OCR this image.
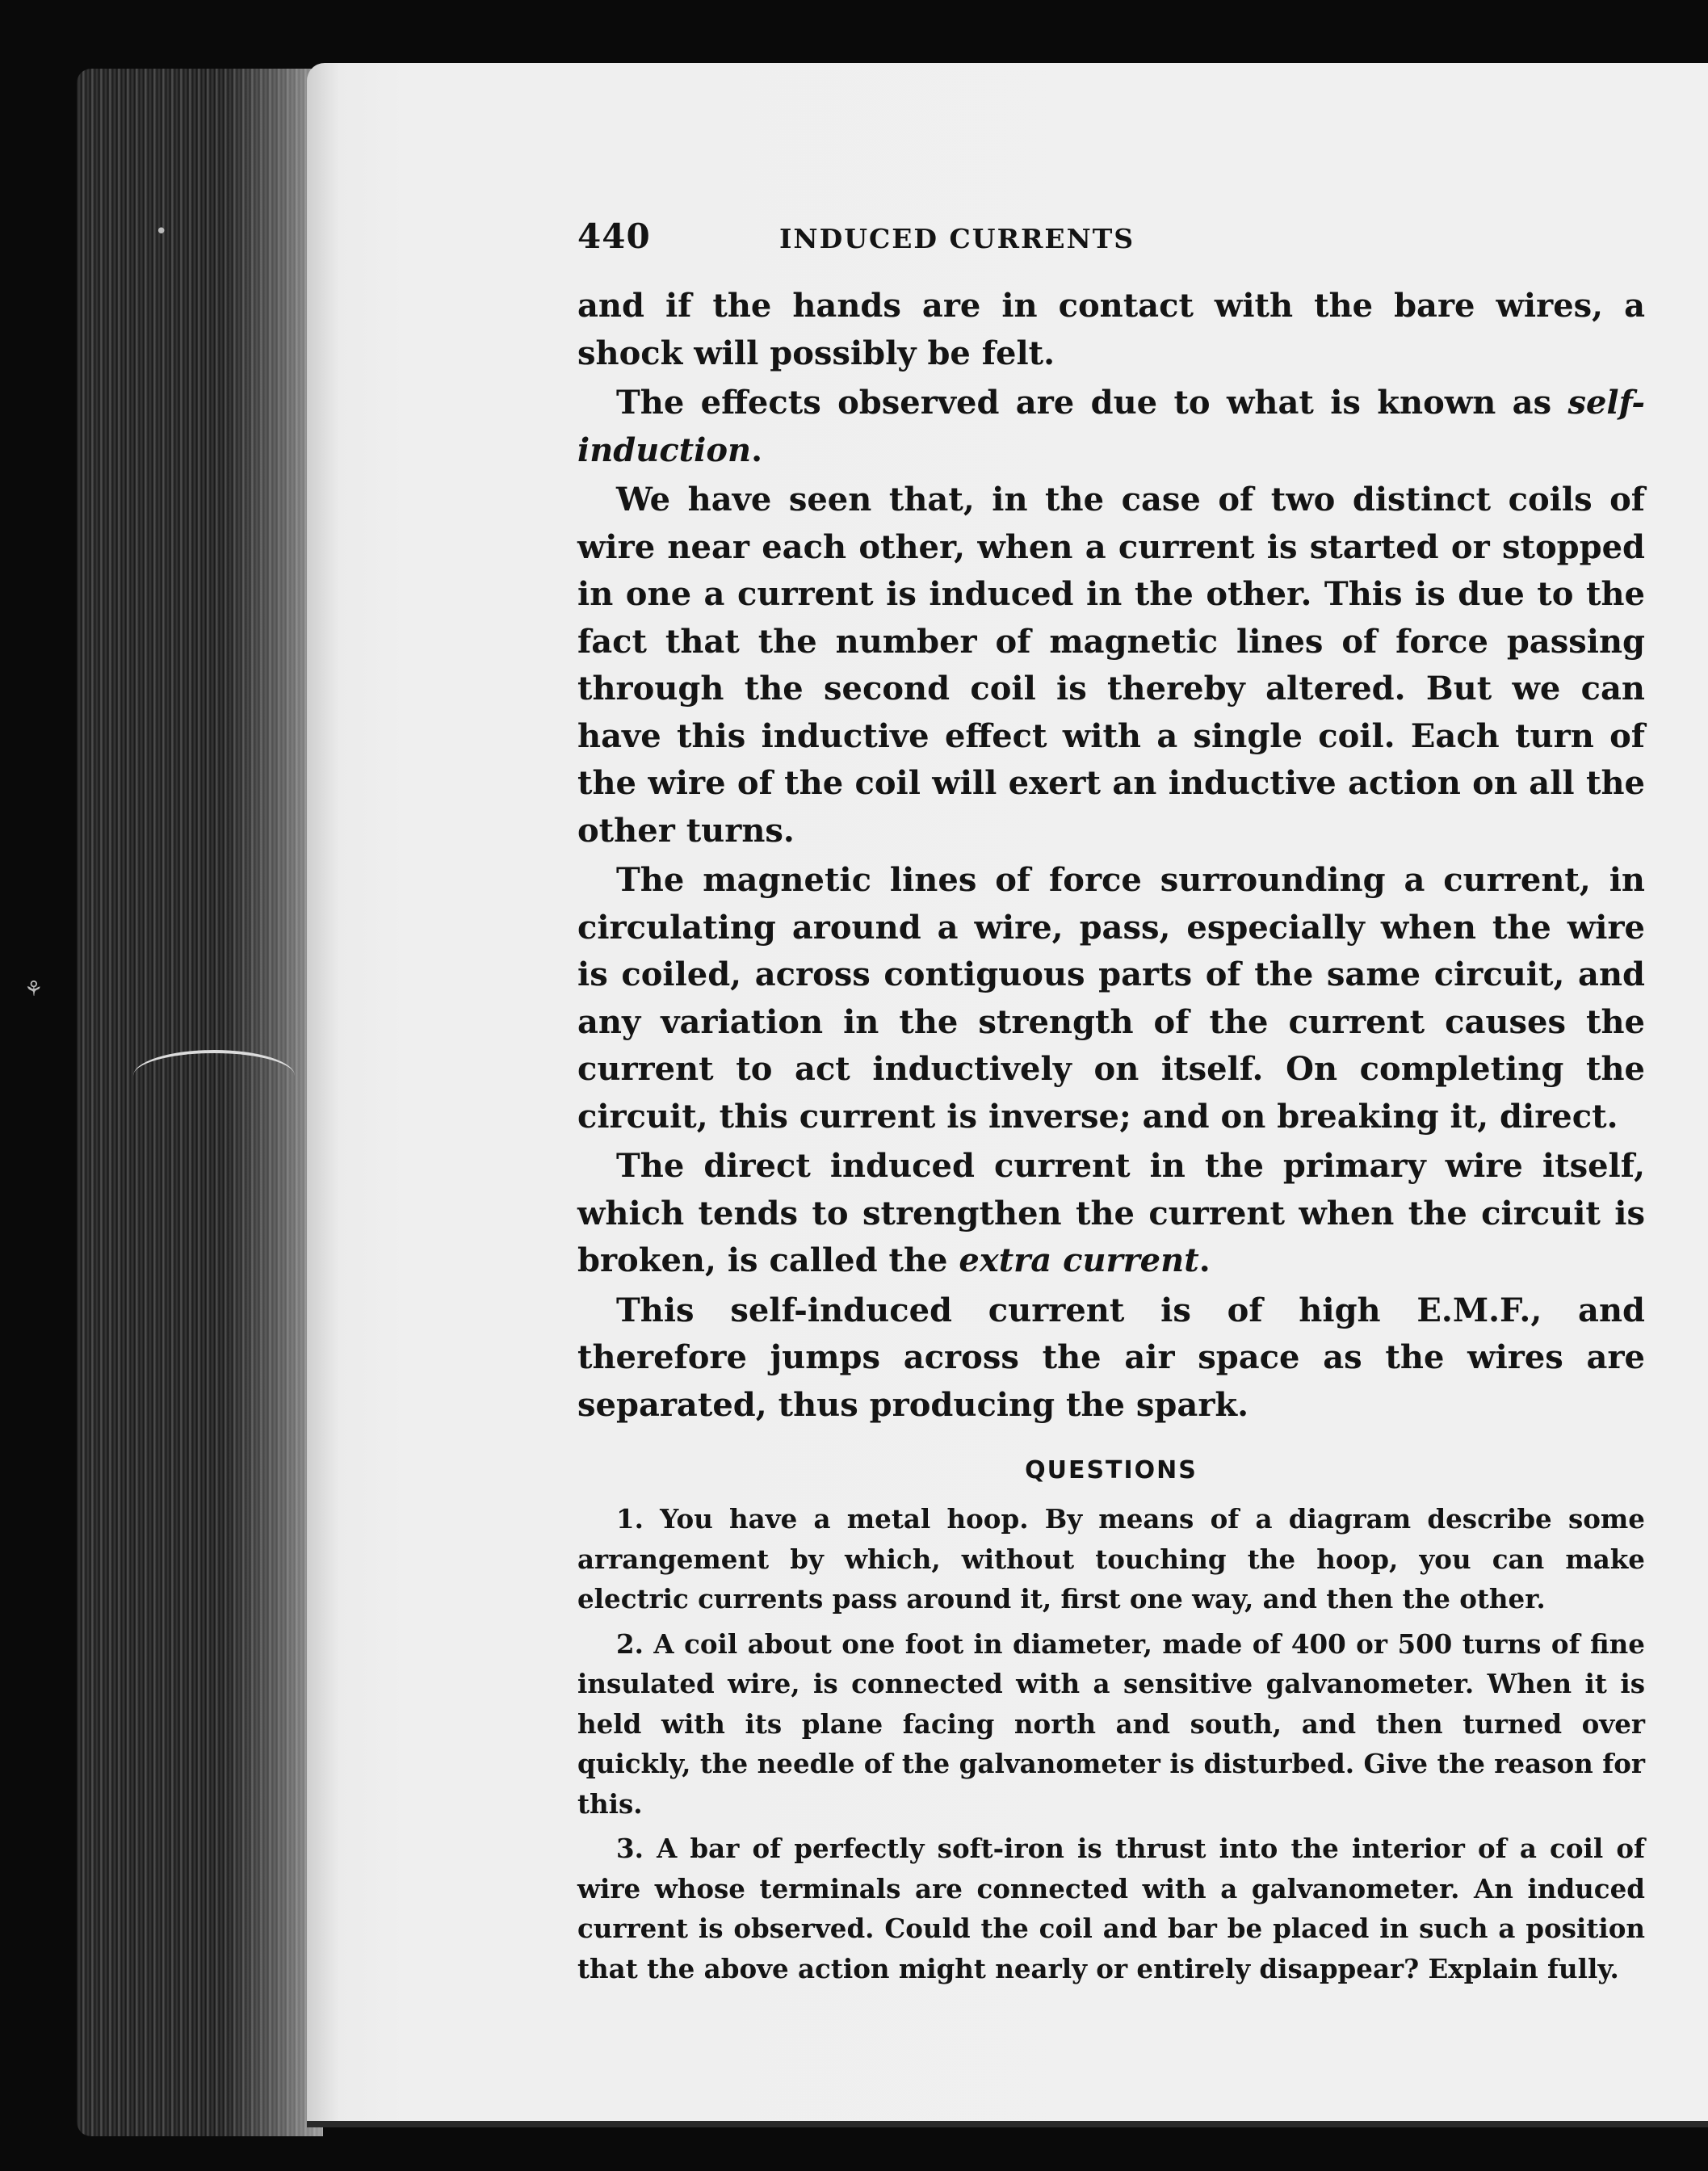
•
⚘
440	INDUCED CURRENTS

and if the hands are in contact with the bare wires, a shock will possibly be felt.

The effects observed are due to what is known as self-induction.

We have seen that, in the case of two distinct coils of wire near each other, when a current is started or stopped in one a current is induced in the other. This is due to the fact that the number of magnetic lines of force passing through the second coil is thereby altered. But we can have this inductive effect with a single coil. Each turn of the wire of the coil will exert an inductive action on all the other turns.

The magnetic lines of force surrounding a current, in circulating around a wire, pass, especially when the wire is coiled, across contiguous parts of the same circuit, and any variation in the strength of the current causes the current to act inductively on itself. On completing the circuit, this current is inverse; and on breaking it, direct.

The direct induced current in the primary wire itself, which tends to strengthen the current when the circuit is broken, is called the extra current.

This self-induced current is of high E.M.F., and therefore jumps across the air space as the wires are separated, thus producing the spark.

QUESTIONS

1. You have a metal hoop. By means of a diagram describe some arrangement by which, without touching the hoop, you can make electric currents pass around it, first one way, and then the other.

2. A coil about one foot in diameter, made of 400 or 500 turns of fine insulated wire, is connected with a sensitive galvanometer. When it is held with its plane facing north and south, and then turned over quickly, the needle of the galvanometer is disturbed. Give the reason for this.

3. A bar of perfectly soft-iron is thrust into the interior of a coil of wire whose terminals are connected with a galvanometer. An induced current is observed. Could the coil and bar be placed in such a position that the above action might nearly or entirely disappear? Explain fully.
